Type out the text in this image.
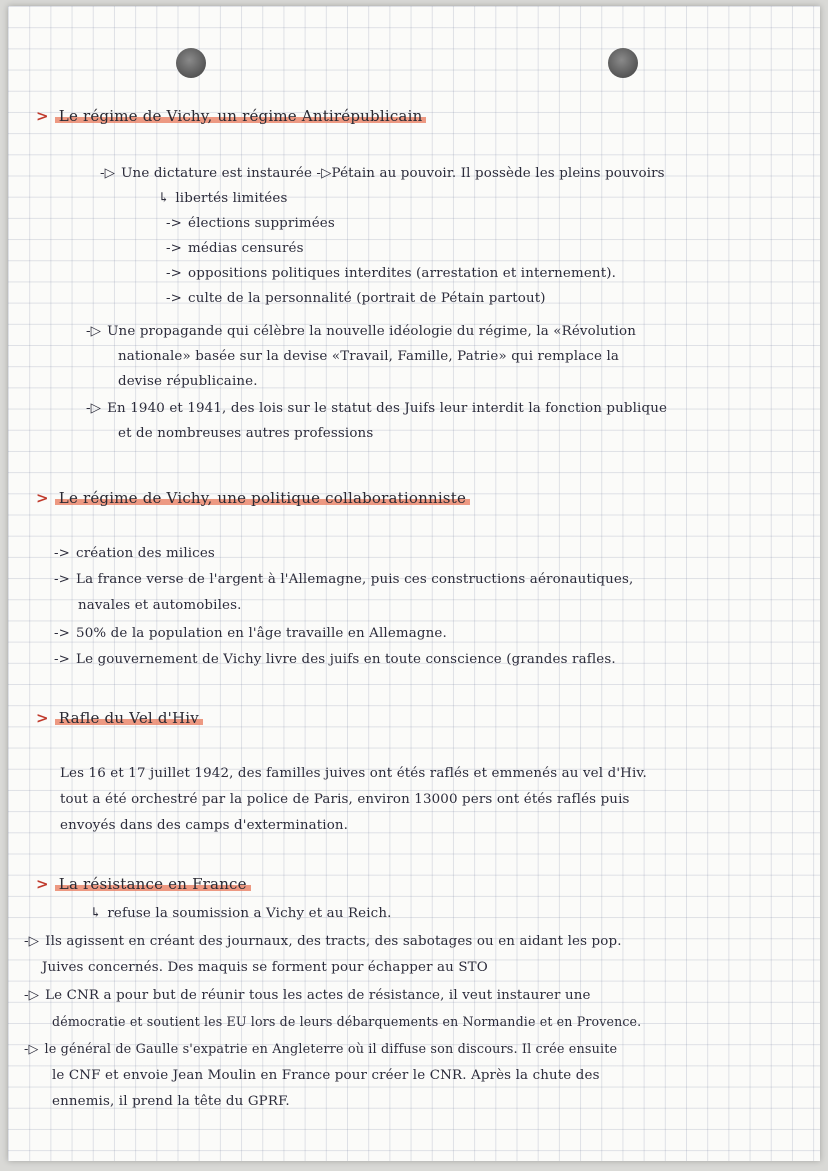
> Le régime de Vichy, un régime Antirépublicain
-▷ Une dictature est instaurée -▷Pétain au pouvoir. Il possède les pleins pouvoirs
↳ libertés limitées
-> élections supprimées
-> médias censurés
-> oppositions politiques interdites (arrestation et internement).
-> culte de la personnalité (portrait de Pétain partout)
-▷ Une propagande qui célèbre la nouvelle idéologie du régime, la «Révolution
nationale» basée sur la devise «Travail, Famille, Patrie» qui remplace la
devise républicaine.
-▷ En 1940 et 1941, des lois sur le statut des Juifs leur interdit la fonction publique
et de nombreuses autres professions
> Le régime de Vichy, une politique collaborationniste
-> création des milices
-> La france verse de l'argent à l'Allemagne, puis ces constructions aéronautiques,
navales et automobiles.
-> 50% de la population en l'âge travaille en Allemagne.
-> Le gouvernement de Vichy livre des juifs en toute conscience (grandes rafles.
> Rafle du Vel d'Hiv
Les 16 et 17 juillet 1942, des familles juives ont étés raflés et emmenés au vel d'Hiv.
tout a été orchestré par la police de Paris, environ 13000 pers ont étés raflés puis
envoyés dans des camps d'extermination.
> La résistance en France
↳ refuse la soumission a Vichy et au Reich.
-▷ Ils agissent en créant des journaux, des tracts, des sabotages ou en aidant les pop.
Juives concernés. Des maquis se forment pour échapper au STO
-▷ Le CNR a pour but de réunir tous les actes de résistance, il veut instaurer une
démocratie et soutient les EU lors de leurs débarquements en Normandie et en Provence.
-▷ le général de Gaulle s'expatrie en Angleterre où il diffuse son discours. Il crée ensuite
le CNF et envoie Jean Moulin en France pour créer le CNR. Après la chute des
ennemis, il prend la tête du GPRF.
